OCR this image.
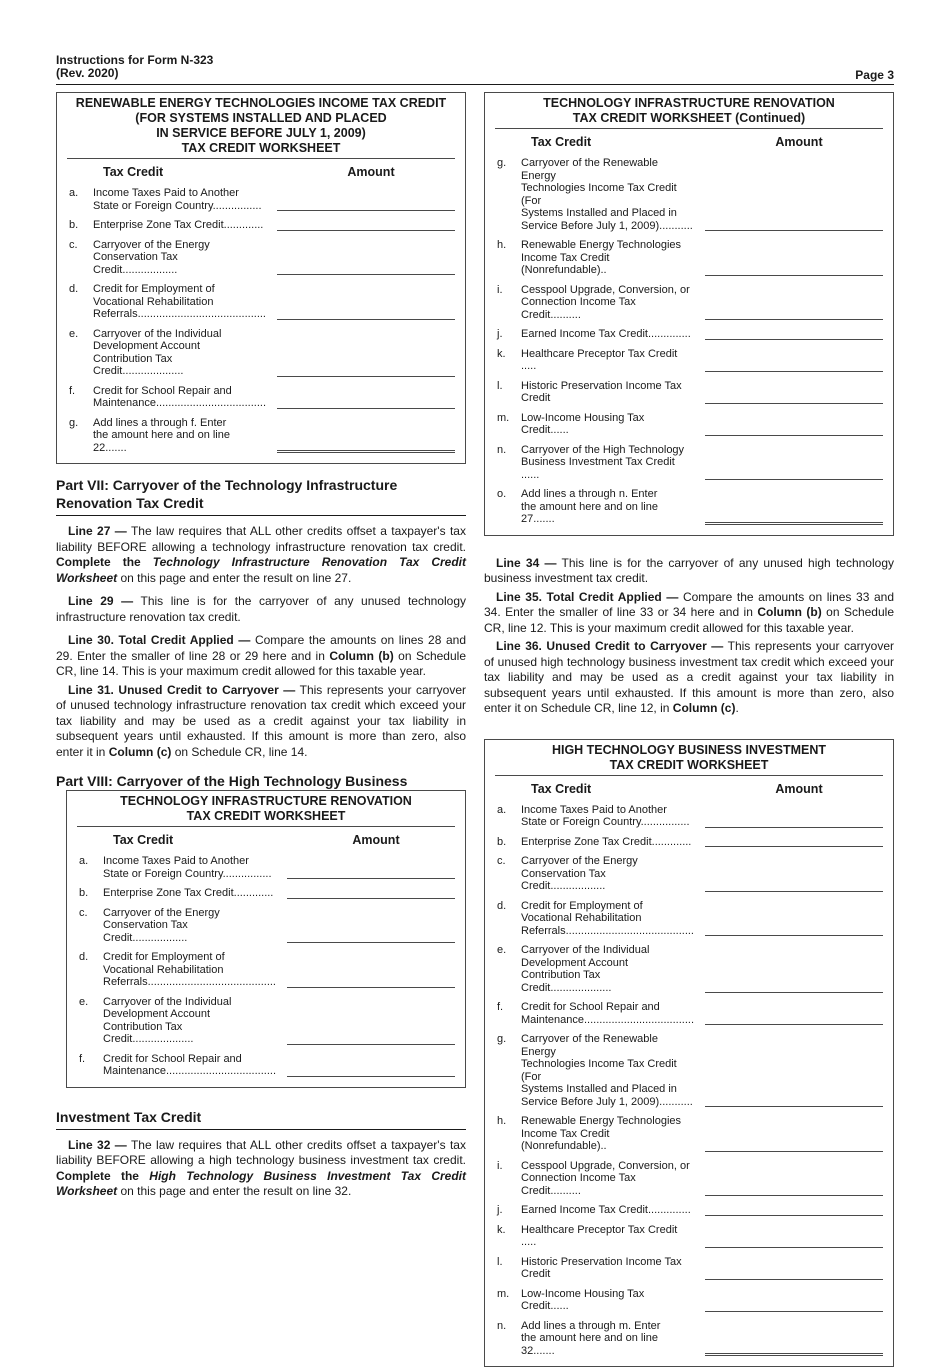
Instructions for Form N-323
(Rev. 2020)	Page 3
RENEWABLE ENERGY TECHNOLOGIES INCOME TAX CREDIT
(FOR SYSTEMS INSTALLED AND PLACED
IN SERVICE BEFORE JULY 1, 2009)
TAX CREDIT WORKSHEET
Tax Credit	Amount
a.	Income Taxes Paid to Another
State or Foreign Country................
b.	Enterprise Zone Tax Credit.............
c.	Carryover of the Energy
Conservation Tax Credit..................
d.	Credit for Employment of
Vocational Rehabilitation
Referrals..........................................
e.	Carryover of the Individual
Development Account
Contribution Tax Credit....................
f.	Credit for School Repair and
Maintenance....................................
g.	Add lines a through f. Enter
the amount here and on line 22.......
Part VII: Carryover of the Technology Infrastructure
Renovation Tax Credit

Line 27 — The law requires that ALL other credits offset a taxpayer's tax liability BEFORE allowing a technology infrastructure renovation tax credit. Complete the Technology Infrastructure Renovation Tax Credit Worksheet on this page and enter the result on line 27.

Line 29 — This line is for the carryover of any unused technology infrastructure renovation tax credit.

Line 30. Total Credit Applied — Compare the amounts on lines 28 and 29. Enter the smaller of line 28 or 29 here and in Column (b) on Schedule CR, line 14. This is your maximum credit allowed for this taxable year.

Line 31. Unused Credit to Carryover — This represents your carryover of unused technology infrastructure renovation tax credit which exceed your tax liability and may be used as a credit against your tax liability in subsequent years until exhausted. If this amount is more than zero, also enter it in Column (c) on Schedule CR, line 14.

Part VIII: Carryover of the High Technology Business
TECHNOLOGY INFRASTRUCTURE RENOVATION
TAX CREDIT WORKSHEET
Tax Credit	Amount
a.	Income Taxes Paid to Another
State or Foreign Country................
b.	Enterprise Zone Tax Credit.............
c.	Carryover of the Energy
Conservation Tax Credit..................
d.	Credit for Employment of
Vocational Rehabilitation
Referrals..........................................
e.	Carryover of the Individual
Development Account
Contribution Tax Credit....................
f.	Credit for School Repair and
Maintenance....................................
Investment Tax Credit

Line 32 — The law requires that ALL other credits offset a taxpayer's tax liability BEFORE allowing a high technology business investment tax credit. Complete the High Technology Business Investment Tax Credit Worksheet on this page and enter the result on line 32.

TECHNOLOGY INFRASTRUCTURE RENOVATION
TAX CREDIT WORKSHEET (Continued)
Tax Credit	Amount
g.	Carryover of the Renewable Energy
Technologies Income Tax Credit (For
Systems Installed and Placed in
Service Before July 1, 2009)...........
h.	Renewable Energy Technologies
Income Tax Credit (Nonrefundable)..
i.	Cesspool Upgrade, Conversion, or
Connection Income Tax Credit..........
j.	Earned Income Tax Credit..............
k.	Healthcare Preceptor Tax Credit .....
l.	Historic Preservation Income Tax Credit
m.	Low-Income Housing Tax Credit......
n.	Carryover of the High Technology
Business Investment Tax Credit ......
o.	Add lines a through n. Enter
the amount here and on line 27.......

Line 34 — This line is for the carryover of any unused high technology business investment tax credit.

Line 35. Total Credit Applied — Compare the amounts on lines 33 and 34. Enter the smaller of line 33 or 34 here and in Column (b) on Schedule CR, line 12. This is your maximum credit allowed for this taxable year.

Line 36. Unused Credit to Carryover — This represents your carryover of unused high technology business investment tax credit which exceed your tax liability and may be used as a credit against your tax liability in subsequent years until exhausted. If this amount is more than zero, also enter it on Schedule CR, line 12, in Column (c).

HIGH TECHNOLOGY BUSINESS INVESTMENT
TAX CREDIT WORKSHEET
Tax Credit	Amount
a.	Income Taxes Paid to Another
State or Foreign Country................
b.	Enterprise Zone Tax Credit.............
c.	Carryover of the Energy
Conservation Tax Credit..................
d.	Credit for Employment of
Vocational Rehabilitation
Referrals..........................................
e.	Carryover of the Individual
Development Account
Contribution Tax Credit....................
f.	Credit for School Repair and
Maintenance....................................
g.	Carryover of the Renewable Energy
Technologies Income Tax Credit (For
Systems Installed and Placed in
Service Before July 1, 2009)...........
h.	Renewable Energy Technologies
Income Tax Credit (Nonrefundable)..
i.	Cesspool Upgrade, Conversion, or
Connection Income Tax Credit..........
j.	Earned Income Tax Credit..............
k.	Healthcare Preceptor Tax Credit .....
l.	Historic Preservation Income Tax Credit
m.	Low-Income Housing Tax Credit......
n.	Add lines a through m. Enter
the amount here and on line 32.......
